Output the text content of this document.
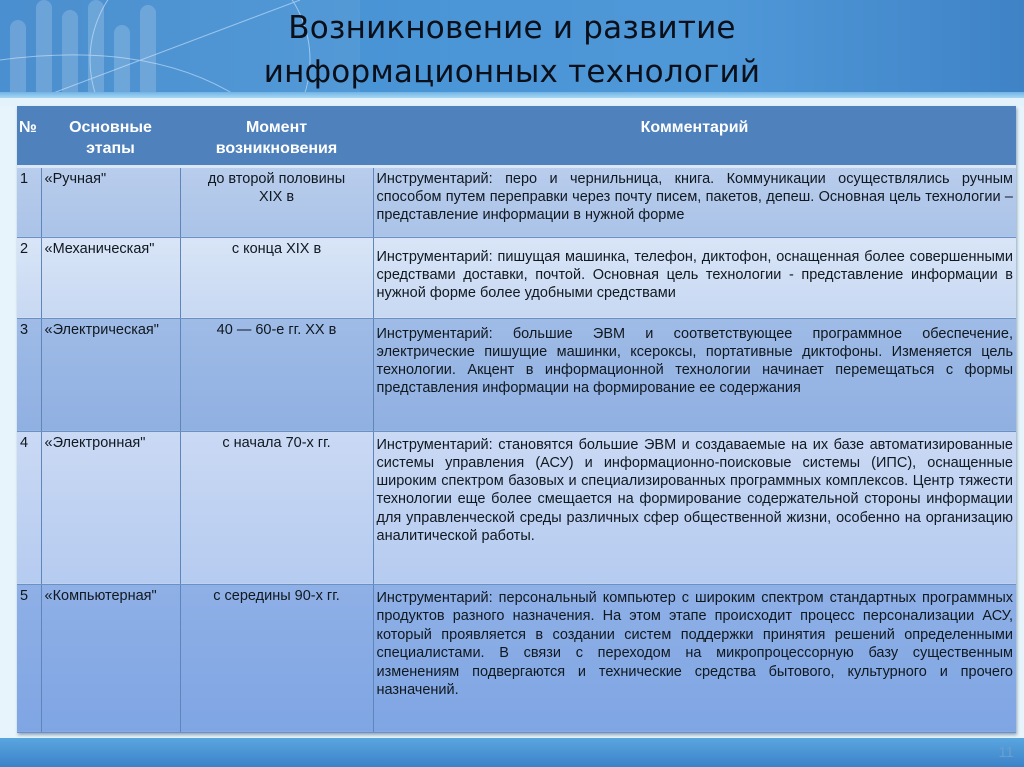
Возникновение и развитие
информационных технологий
№	Основные этапы	Момент возникновения	Комментарий
1	«Ручная"	до второй половины XIX в	Инструментарий: перо и чернильница, книга. Коммуникации осуществлялись ручным способом путем переправки через почту писем, пакетов, депеш. Основная цель технологии – представление информации в нужной форме
2	«Механическая"	с конца XIX в	Инструментарий: пишущая машинка, телефон, диктофон, оснащенная более совершенными средствами доставки, почтой. Основная цель технологии - представление информации в нужной форме более удобными средствами
3	«Электрическая"	40 — 60-е гг. XX в	Инструментарий: большие ЭВМ и соответствующее программное обеспечение, электрические пишущие машинки, ксероксы, портативные диктофоны. Изменяется цель технологии. Акцент в информационной технологии начинает перемещаться с формы представления информации на формирование ее содержания
4	«Электронная"	с начала 70-х гг.	Инструментарий: становятся большие ЭВМ и создаваемые на их базе автоматизированные системы управления (АСУ) и информационно-поисковые системы (ИПС), оснащенные широким спектром базовых и специализированных программных комплексов. Центр тяжести технологии еще более смещается на формирование содержательной стороны информации для управленческой среды различных сфер общественной жизни, особенно на организацию аналитической работы.
5	«Компьютерная"	с середины 90-х гг.	Инструментарий: персональный компьютер с широким спектром стандартных программных продуктов разного назначения. На этом этапе происходит процесс персонализации АСУ, который проявляется в создании систем поддержки принятия решений определенными специалистами. В связи с переходом на микропроцессорную базу существенным изменениям подвергаются и технические средства бытового, культурного и прочего назначений.
11
